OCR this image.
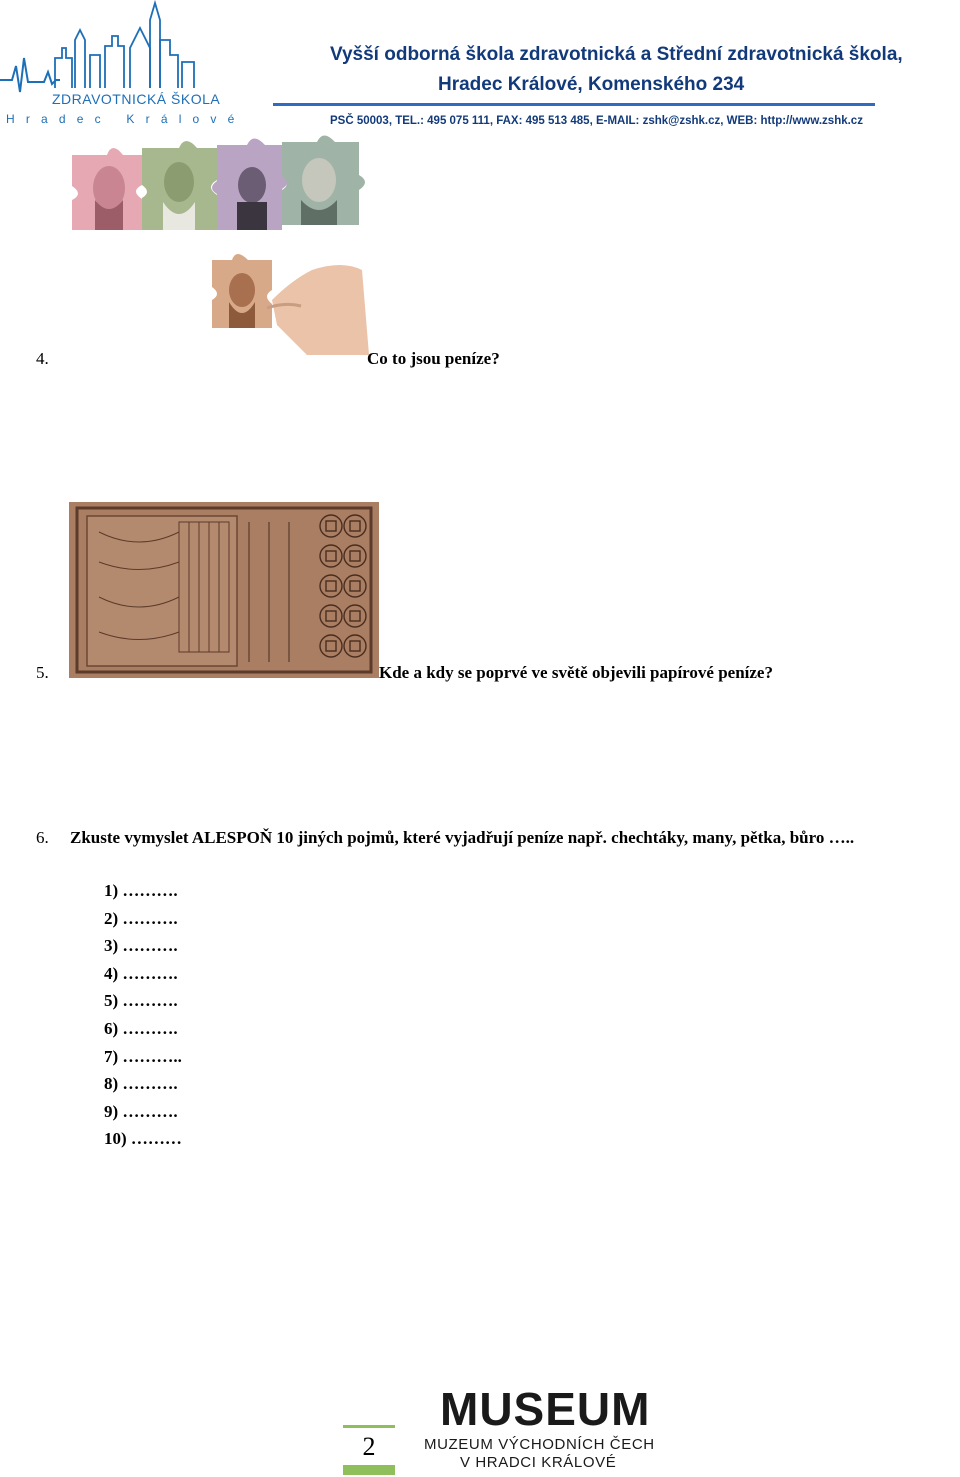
ZDRAVOTNICKÁ ŠKOLA
Hradec Králové
Vyšší odborná škola zdravotnická a Střední zdravotnická škola,
Hradec Králové, Komenského 234
PSČ 50003, TEL.: 495 075 111, FAX: 495 513 485, E-MAIL: zshk@zshk.cz, WEB: http://www.zshk.cz
4.	Co to jsou peníze?
5.	Kde a kdy se poprvé ve světě objevili papírové peníze?
6. Zkuste vymyslet ALESPOŇ 10 jiných pojmů, které vyjadřují peníze např. chechtáky, many, pětka, bůro …..
1) ……….
2) ……….
3) ……….
4) ……….
5) ……….
6) ……….
7) ………..
8) ……….
9) ……….
10) ………
2
MUSEUM
MUZEUM VÝCHODNÍCH ČECH
V HRADCI KRÁLOVÉ
